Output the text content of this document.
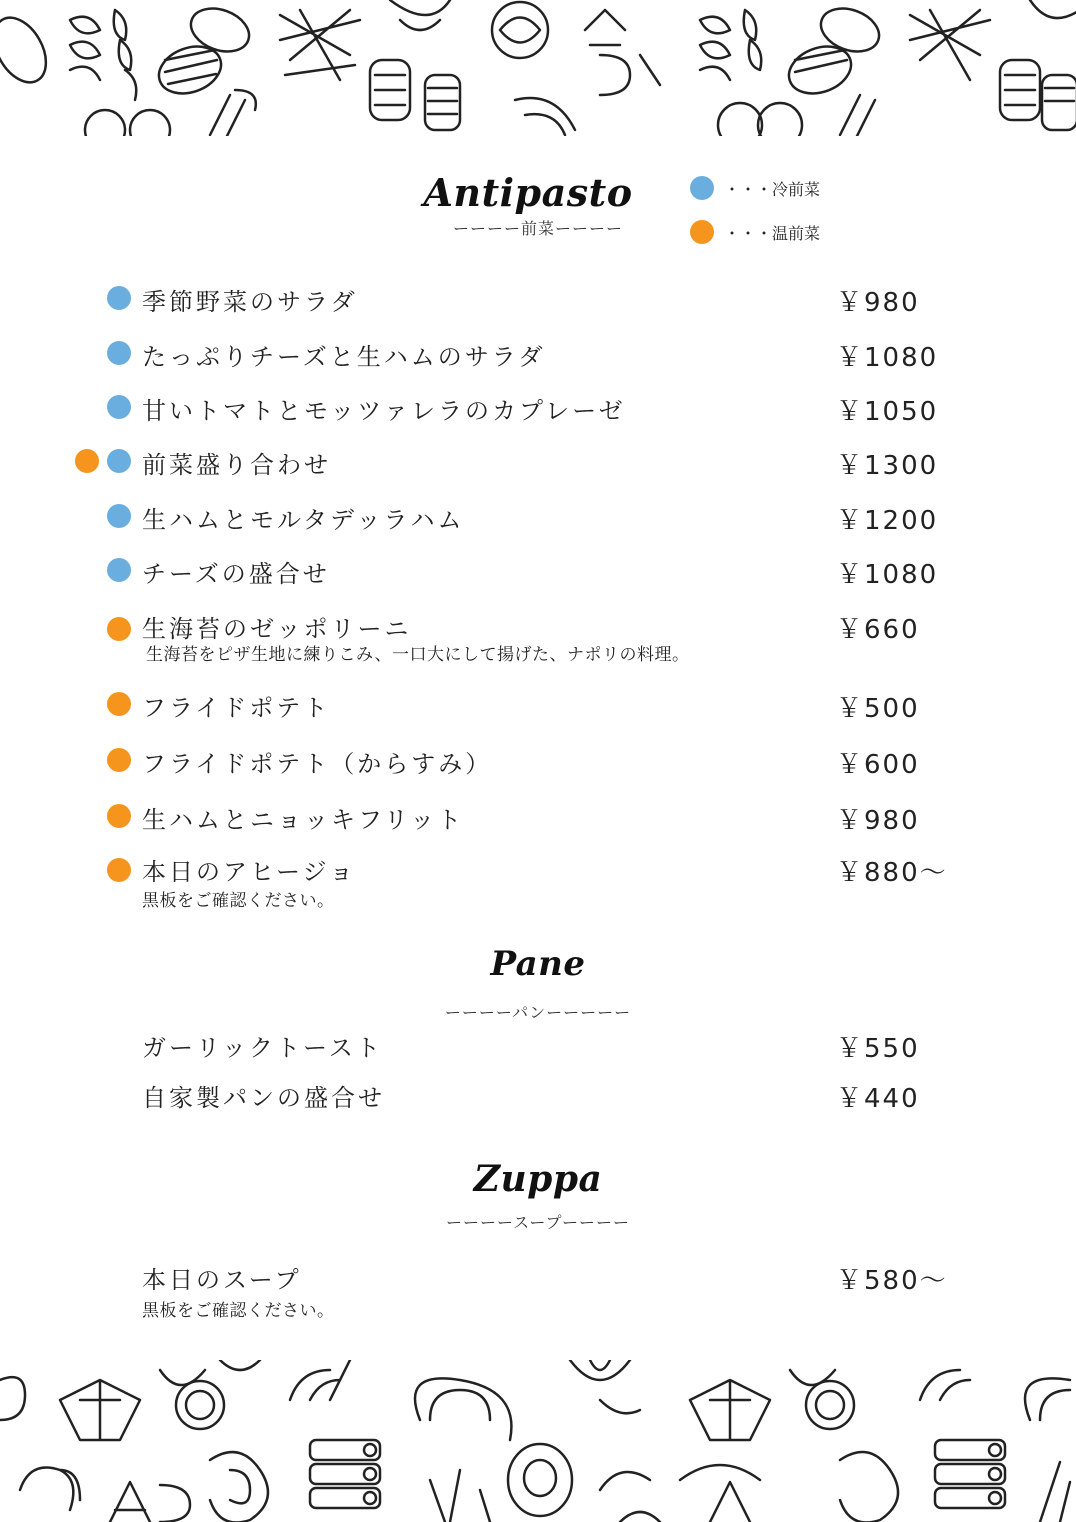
Antipasto
ーーーー前菜ーーーー
・・・冷前菜
・・・温前菜
季節野菜のサラダ	￥980
たっぷりチーズと生ハムのサラダ	￥1080
甘いトマトとモッツァレラのカプレーゼ	￥1050
前菜盛り合わせ	￥1300
生ハムとモルタデッラハム	￥1200
チーズの盛合せ	￥1080
生海苔のゼッポリーニ	￥660
生海苔をピザ生地に練りこみ、一口大にして揚げた、ナポリの料理。
フライドポテト	￥500
フライドポテト（からすみ）	￥600
生ハムとニョッキフリット	￥980
本日のアヒージョ	￥880〜
黒板をご確認ください。
Pane
ーーーーパンーーーーー
ガーリックトースト	￥550
自家製パンの盛合せ	￥440
Zuppa
ーーーースープーーーー
本日のスープ	￥580〜
黒板をご確認ください。
